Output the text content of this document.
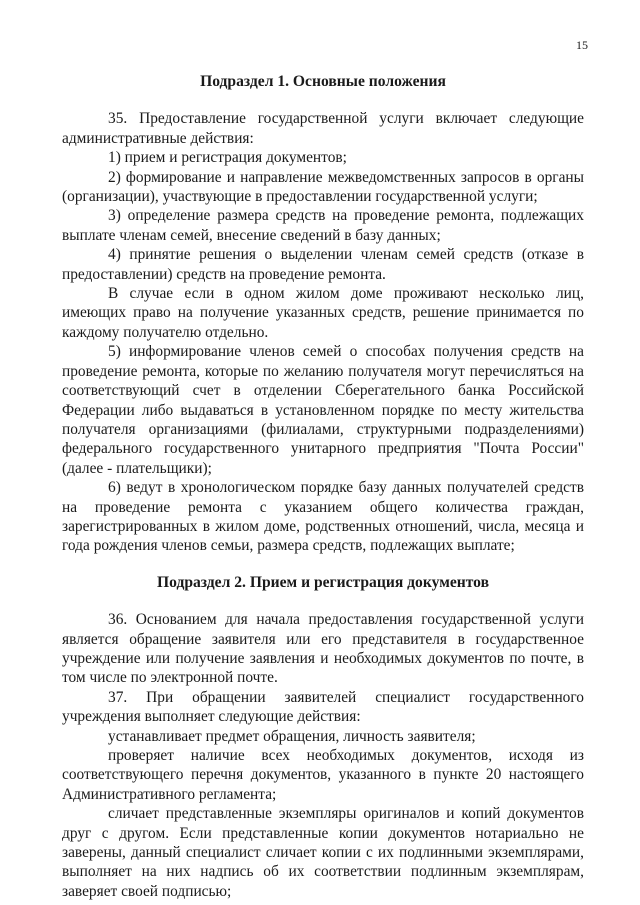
15
Подраздел 1. Основные положения

35. Предоставление государственной услуги включает следующие административные действия:

1) прием и регистрация документов;

2) формирование и направление межведомственных запросов в органы (организации), участвующие в предоставлении государственной услуги;

3) определение размера средств на проведение ремонта, подлежащих выплате членам семей, внесение сведений в базу данных;

4) принятие решения о выделении членам семей средств (отказе в предоставлении) средств на проведение ремонта.

В случае если в одном жилом доме проживают несколько лиц, имеющих право на получение указанных средств, решение принимается по каждому получателю отдельно.

5) информирование членов семей о способах получения средств на проведение ремонта, которые по желанию получателя могут перечисляться на соответствующий счет в отделении Сберегательного банка Российской Федерации либо выдаваться в установленном порядке по месту жительства получателя организациями (филиалами, структурными подразделениями) федерального государственного унитарного предприятия "Почта России" (далее - плательщики);

6) ведут в хронологическом порядке базу данных получателей средств на проведение ремонта с указанием общего количества граждан, зарегистрированных в жилом доме, родственных отношений, числа, месяца и года рождения членов семьи, размера средств, подлежащих выплате;

Подраздел 2. Прием и регистрация документов

36. Основанием для начала предоставления государственной услуги является обращение заявителя или его представителя в государственное учреждение или получение заявления и необходимых документов по почте, в том числе по электронной почте.

37. При обращении заявителей специалист государственного учреждения выполняет следующие действия:

устанавливает предмет обращения, личность заявителя;

проверяет наличие всех необходимых документов, исходя из соответствующего перечня документов, указанного в пункте 20 настоящего Административного регламента;

сличает представленные экземпляры оригиналов и копий документов друг с другом. Если представленные копии документов нотариально не заверены, данный специалист сличает копии с их подлинными экземплярами, выполняет на них надпись об их соответствии подлинным экземплярам, заверяет своей подписью;
